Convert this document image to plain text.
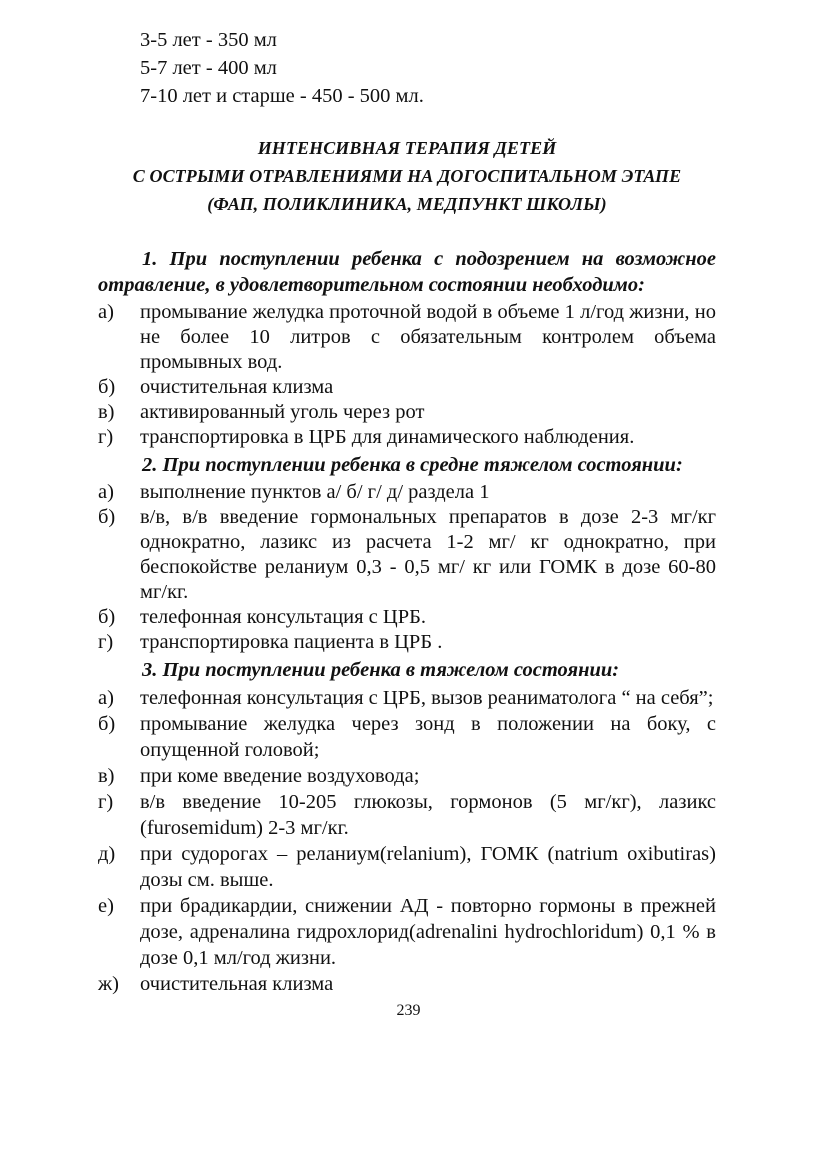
3-5 лет - 350 мл
5-7 лет - 400 мл
7-10 лет и старше - 450 - 500 мл.
ИНТЕНСИВНАЯ ТЕРАПИЯ ДЕТЕЙ
С ОСТРЫМИ ОТРАВЛЕНИЯМИ НА ДОГОСПИТАЛЬНОМ ЭТАПЕ
(ФАП, ПОЛИКЛИНИКА, МЕДПУНКТ ШКОЛЫ)
1. При поступлении ребенка с подозрением на возможное отравление, в удовлетворительном состоянии необходимо:
а)	промывание желудка проточной водой в объеме 1 л/год жизни, но не более 10 литров с обязательным контролем объема промывных вод.
б)	очистительная клизма
в)	активированный уголь через рот
г)	транспортировка в ЦРБ для динамического наблюдения.
2. При поступлении ребенка в средне тяжелом состоянии:
а)	выполнение пунктов а/ б/ г/ д/ раздела 1
б)	в/в, в/в введение гормональных препаратов в дозе 2-3 мг/кг однократно, лазикс из расчета 1-2 мг/ кг однократно, при беспокойстве реланиум 0,3 - 0,5 мг/ кг или ГОМК в дозе 60-80 мг/кг.
б)	телефонная консультация с ЦРБ.
г)	транспортировка пациента в ЦРБ .
3. При поступлении ребенка в тяжелом состоянии:
а)	телефонная консультация с ЦРБ, вызов реаниматолога “ на себя”;
б)	промывание желудка через зонд в положении на боку, с опущенной головой;
в)	при коме введение воздуховода;
г)	в/в введение 10-205 глюкозы, гормонов (5 мг/кг), лазикс (furosemidum) 2-3 мг/кг.
д)	при судорогах – реланиум(relanium), ГОМК (natrium oxibutiras) дозы см. выше.
е)	при брадикардии, снижении АД - повторно гормоны в прежней дозе, адреналина гидрохлорид(adrenalini hydrochloridum) 0,1 % в дозе 0,1 мл/год жизни.
ж)	очистительная клизма
239
